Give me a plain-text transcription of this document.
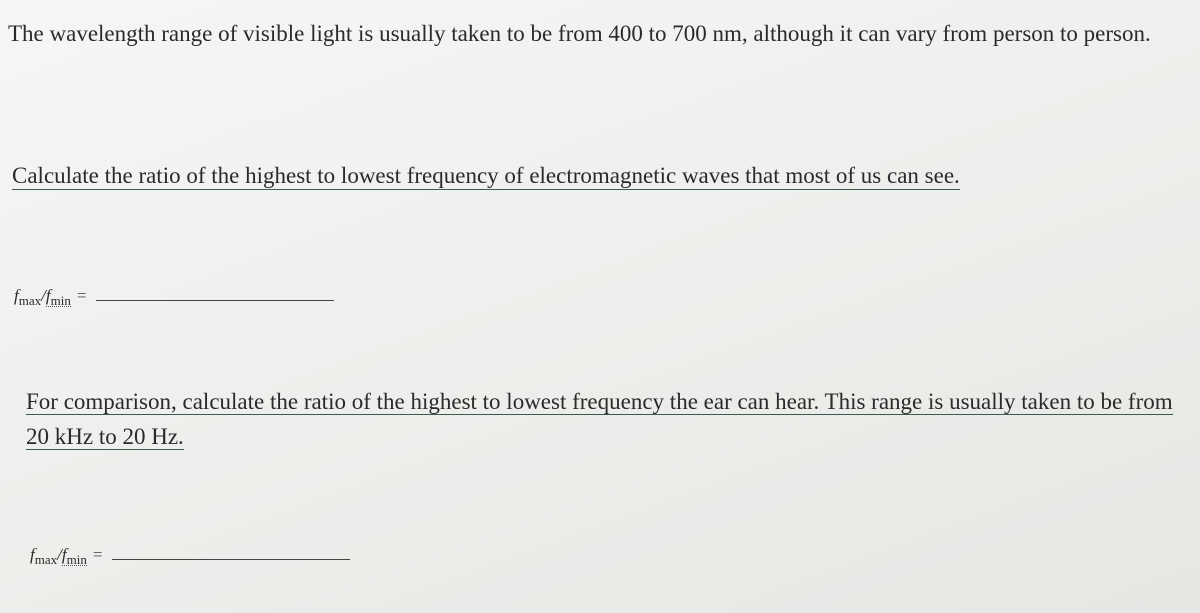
The wavelength range of visible light is usually taken to be from 400 to 700 nm, although it can vary from person to person.

Calculate the ratio of the highest to lowest frequency of electromagnetic waves that most of us can see.

$f_{max} / f_{min}$ =

For comparison, calculate the ratio of the highest to lowest frequency the ear can hear. This range is usually taken to be from 20 kHz to 20 Hz.

$f_{max} / f_{min}$ =
